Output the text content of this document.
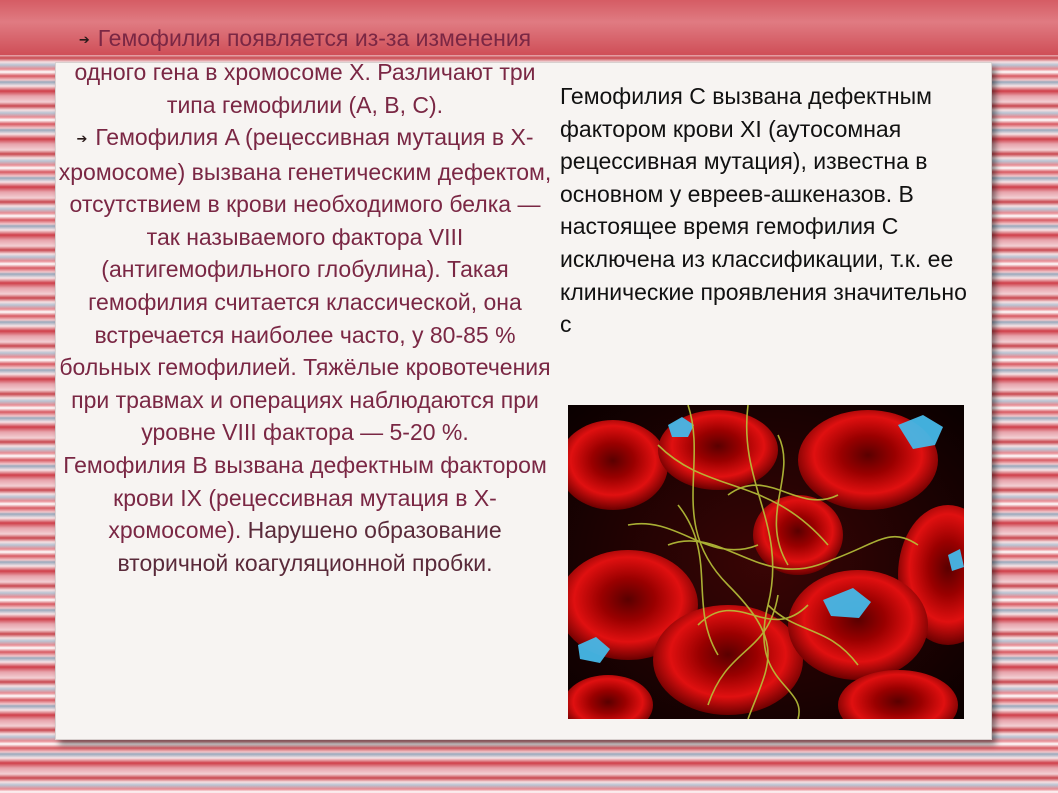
➔ Гемофилия появляется из-за изменения одного гена в хромосоме X. Различают три типа гемофилии (A, B, C).

➔ Гемофилия A (рецессивная мутация в X-хромосоме) вызвана генетическим дефектом, отсутствием в крови необходимого белка — так называемого фактора VIII (антигемофильного глобулина). Такая гемофилия считается классической, она встречается наиболее часто, у 80-85 % больных гемофилией. Тяжёлые кровотечения при травмах и операциях наблюдаются при уровне VIII фактора — 5-20 %.

Гемофилия B вызвана дефектным фактором крови IX (рецессивная мутация в X-хромосоме). Нарушено образование вторичной коагуляционной пробки.

Гемофилия C вызвана дефектным фактором крови XI (аутосомная рецессивная мутация), известна в основном у евреев-ашкеназов. В настоящее время гемофилия C исключена из классификации, т.к. ее клинические проявления значительно с
